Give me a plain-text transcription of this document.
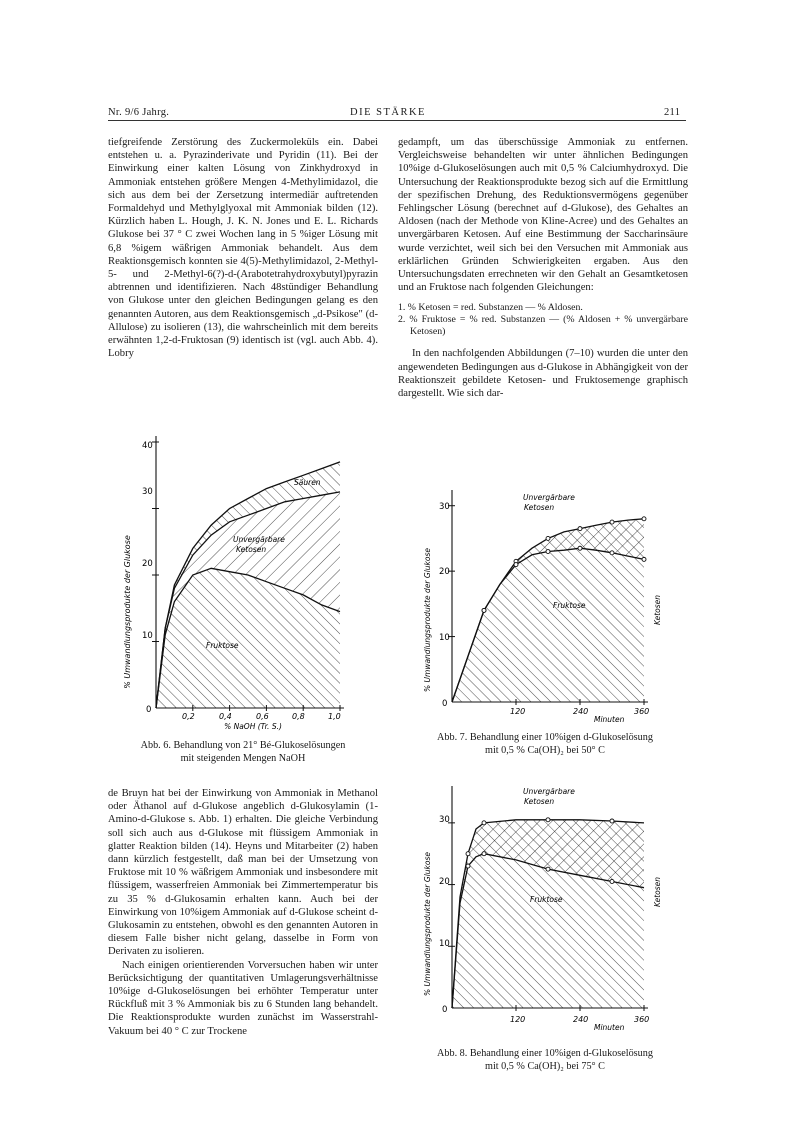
Nr. 9/6 Jahrg.	DIE STÄRKE	211

tiefgreifende Zerstörung des Zuckermoleküls ein. Dabei entstehen u. a. Pyrazinderivate und Pyridin (11). Bei der Einwirkung einer kalten Lösung von Zinkhydroxyd in Ammoniak entstehen größere Mengen 4-Methylimidazol, die sich aus dem bei der Zersetzung intermediär auftretenden Formaldehyd und Methylglyoxal mit Ammoniak bilden (12). Kürzlich haben L. Hough, J. K. N. Jones und E. L. Richards Glukose bei 37 ° C zwei Wochen lang in 5 %iger Lösung mit 6,8 %igem wäßrigen Ammoniak behandelt. Aus dem Reaktionsgemisch konnten sie 4(5)-Methylimidazol, 2-Methyl-5- und 2-Methyl-6(?)-d-(Arabotetrahydroxybutyl)pyrazin abtrennen und identifizieren. Nach 48stündiger Behandlung von Glukose unter den gleichen Bedingungen gelang es den genannten Autoren, aus dem Reaktionsgemisch „d-Psikose" (d-Allulose) zu isolieren (13), die wahrscheinlich mit dem bereits erwähnten 1,2-d-Fruktosan (9) identisch ist (vgl. auch Abb. 4). Lobry

gedampft, um das überschüssige Ammoniak zu entfernen. Vergleichsweise behandelten wir unter ähnlichen Bedingungen 10%ige d-Glukoselösungen auch mit 0,5 % Calciumhydroxyd. Die Untersuchung der Reaktionsprodukte bezog sich auf die Ermittlung der spezifischen Drehung, des Reduktionsvermögens gegenüber Fehlingscher Lösung (berechnet auf d-Glukose), des Gehaltes an Aldosen (nach der Methode von Kline-Acree) und des Gehaltes an unvergärbaren Ketosen. Auf eine Bestimmung der Saccharinsäure wurde verzichtet, weil sich bei den Versuchen mit Ammoniak aus erklärlichen Gründen Schwierigkeiten ergaben. Aus den Untersuchungsdaten errechneten wir den Gehalt an Gesamtketosen und an Fruktose nach folgenden Gleichungen:

1. % Ketosen = red. Substanzen — % Aldosen.

2. % Fruktose = % red. Substanzen — (% Aldosen + % unvergärbare Ketosen)

In den nachfolgenden Abbildungen (7–10) wurden die unter den angewendeten Bedingungen aus d-Glukose in Abhängigkeit von der Reaktionszeit gebildete Ketosen- und Fruktosemenge graphisch dargestellt. Wie sich dar-

% Umwandlungsprodukte der Glukose
% NaOH (Tr. S.)
Säuren
Unvergärbare
Ketosen
Fruktose
40
30
20
10
0
0,2	0,4	0,6	0,8	1,0
Abb. 6. Behandlung von 21° Bé-Glukoselösungen
mit steigenden Mengen NaOH

de Bruyn hat bei der Einwirkung von Ammoniak in Methanol oder Äthanol auf d-Glukose angeblich d-Glukosylamin (1-Amino-d-Glukose s. Abb. 1) erhalten. Die gleiche Verbindung soll sich auch aus d-Glukose mit flüssigem Ammoniak in glatter Reaktion bilden (14). Heyns und Mitarbeiter (2) haben dann kürzlich festgestellt, daß man bei der Umsetzung von Fruktose mit 10 % wäßrigem Ammoniak und insbesondere mit flüssigem, wasserfreien Ammoniak bei Zimmertemperatur bis zu 35 % d-Glukosamin erhalten kann. Auch bei der Einwirkung von 10%igem Ammoniak auf d-Glukose scheint d-Glukosamin zu entstehen, obwohl es den genannten Autoren in diesem Falle bisher nicht gelang, dasselbe in Form von Derivaten zu isolieren.

Nach einigen orientierenden Vorversuchen haben wir unter Berücksichtigung der quantitativen Umlagerungsverhältnisse 10%ige d-Glukoselösungen bei erhöhter Temperatur unter Rückfluß mit 3 % Ammoniak bis zu 6 Stunden lang behandelt. Die Reaktionsprodukte wurden zunächst im Wasserstrahl-Vakuum bei 40 ° C zur Trockene

% Umwandlungsprodukte der Glukose
Unvergärbare
Ketosen
Fruktose	Ketosen
Minuten
30
20
10
0
120	240	360
Abb. 7. Behandlung einer 10%igen d-Glukoselösung
mit 0,5 % Ca(OH)₂ bei 50° C
% Umwandlungsprodukte der Glukose
Unvergärbare
Ketosen
Fruktose	Ketosen
Minuten
30
20
10
0
120	240	360
Abb. 8. Behandlung einer 10%igen d-Glukoselösung
mit 0,5 % Ca(OH)₂ bei 75° C
